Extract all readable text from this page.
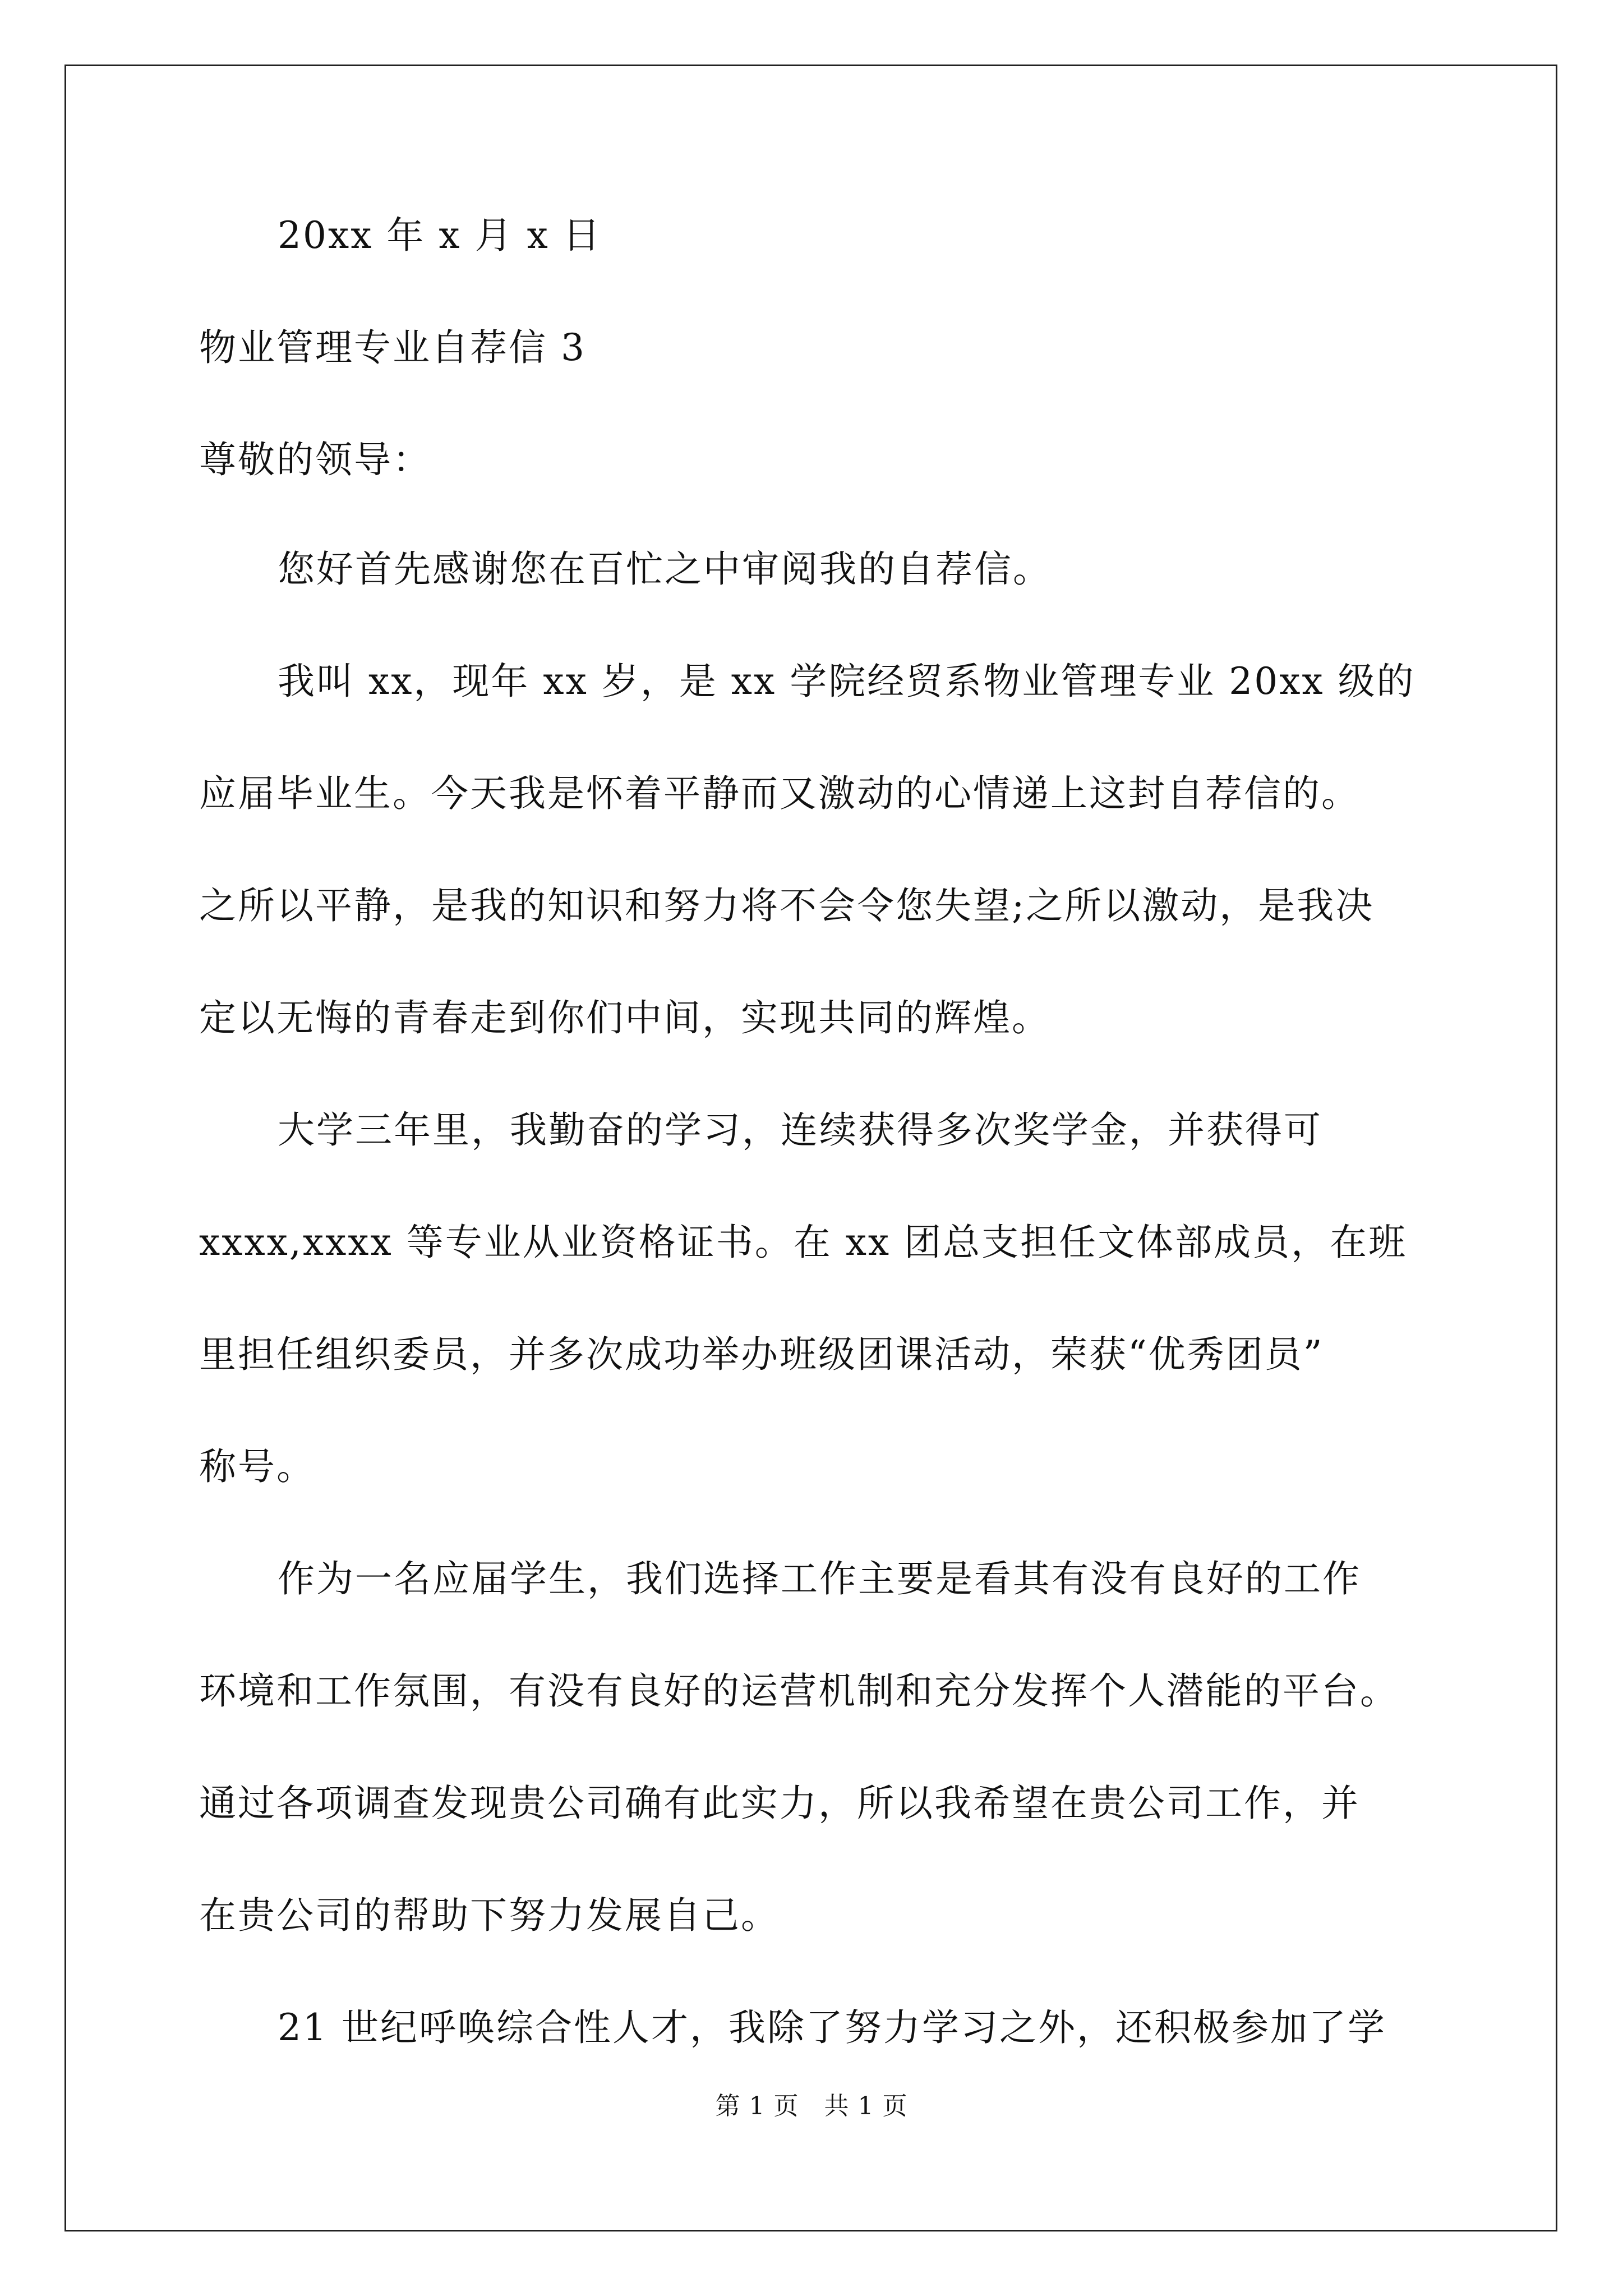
20xx 年 x 月 x 日
物业管理专业自荐信 3
尊敬的领导：
您好首先感谢您在百忙之中审阅我的自荐信。
我叫 xx，现年 xx 岁，是 xx 学院经贸系物业管理专业 20xx 级的
应届毕业生。今天我是怀着平静而又激动的心情递上这封自荐信的。
之所以平静，是我的知识和努力将不会令您失望;之所以激动，是我决
定以无悔的青春走到你们中间，实现共同的辉煌。
大学三年里，我勤奋的学习，连续获得多次奖学金，并获得可
xxxx,xxxx 等专业从业资格证书。在 xx 团总支担任文体部成员，在班
里担任组织委员，并多次成功举办班级团课活动，荣获“优秀团员”
称号。
作为一名应届学生，我们选择工作主要是看其有没有良好的工作
环境和工作氛围，有没有良好的运营机制和充分发挥个人潜能的平台。
通过各项调查发现贵公司确有此实力，所以我希望在贵公司工作，并
在贵公司的帮助下努力发展自己。
21 世纪呼唤综合性人才，我除了努力学习之外，还积极参加了学
第 1 页　共 1 页
